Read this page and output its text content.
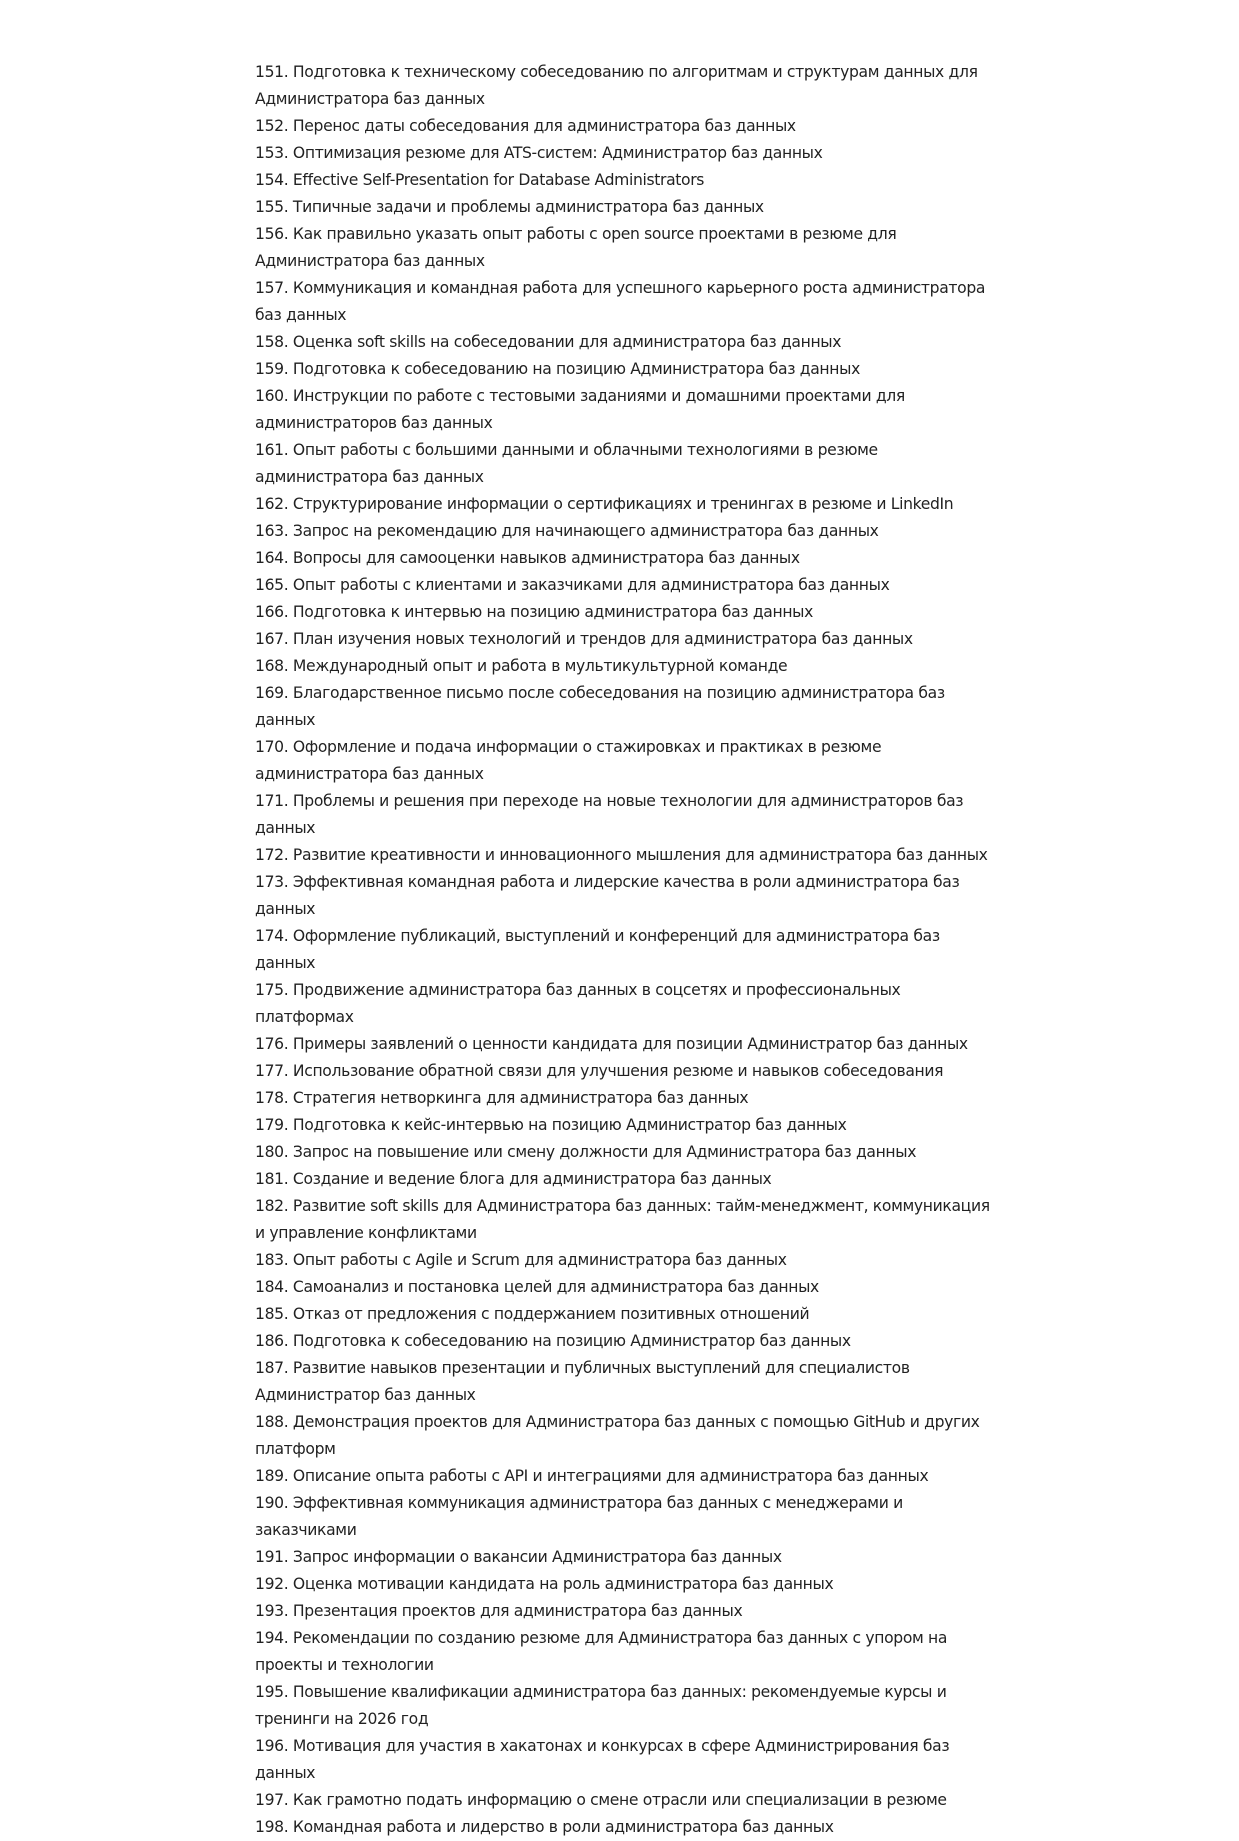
151. Подготовка к техническому собеседованию по алгоритмам и структурам данных для Администратора баз данных
152. Перенос даты собеседования для администратора баз данных
153. Оптимизация резюме для ATS-систем: Администратор баз данных
154. Effective Self-Presentation for Database Administrators
155. Типичные задачи и проблемы администратора баз данных
156. Как правильно указать опыт работы с open source проектами в резюме для Администратора баз данных
157. Коммуникация и командная работа для успешного карьерного роста администратора баз данных
158. Оценка soft skills на собеседовании для администратора баз данных
159. Подготовка к собеседованию на позицию Администратора баз данных
160. Инструкции по работе с тестовыми заданиями и домашними проектами для администраторов баз данных
161. Опыт работы с большими данными и облачными технологиями в резюме администратора баз данных
162. Структурирование информации о сертификациях и тренингах в резюме и LinkedIn
163. Запрос на рекомендацию для начинающего администратора баз данных
164. Вопросы для самооценки навыков администратора баз данных
165. Опыт работы с клиентами и заказчиками для администратора баз данных
166. Подготовка к интервью на позицию администратора баз данных
167. План изучения новых технологий и трендов для администратора баз данных
168. Международный опыт и работа в мультикультурной команде
169. Благодарственное письмо после собеседования на позицию администратора баз данных
170. Оформление и подача информации о стажировках и практиках в резюме администратора баз данных
171. Проблемы и решения при переходе на новые технологии для администраторов баз данных
172. Развитие креативности и инновационного мышления для администратора баз данных
173. Эффективная командная работа и лидерские качества в роли администратора баз данных
174. Оформление публикаций, выступлений и конференций для администратора баз данных
175. Продвижение администратора баз данных в соцсетях и профессиональных платформах
176. Примеры заявлений о ценности кандидата для позиции Администратор баз данных
177. Использование обратной связи для улучшения резюме и навыков собеседования
178. Стратегия нетворкинга для администратора баз данных
179. Подготовка к кейс-интервью на позицию Администратор баз данных
180. Запрос на повышение или смену должности для Администратора баз данных
181. Создание и ведение блога для администратора баз данных
182. Развитие soft skills для Администратора баз данных: тайм-менеджмент, коммуникация и управление конфликтами
183. Опыт работы с Agile и Scrum для администратора баз данных
184. Самоанализ и постановка целей для администратора баз данных
185. Отказ от предложения с поддержанием позитивных отношений
186. Подготовка к собеседованию на позицию Администратор баз данных
187. Развитие навыков презентации и публичных выступлений для специалистов Администратор баз данных
188. Демонстрация проектов для Администратора баз данных с помощью GitHub и других платформ
189. Описание опыта работы с API и интеграциями для администратора баз данных
190. Эффективная коммуникация администратора баз данных с менеджерами и заказчиками
191. Запрос информации о вакансии Администратора баз данных
192. Оценка мотивации кандидата на роль администратора баз данных
193. Презентация проектов для администратора баз данных
194. Рекомендации по созданию резюме для Администратора баз данных с упором на проекты и технологии
195. Повышение квалификации администратора баз данных: рекомендуемые курсы и тренинги на 2026 год
196. Мотивация для участия в хакатонах и конкурсах в сфере Администрирования баз данных
197. Как грамотно подать информацию о смене отрасли или специализации в резюме
198. Командная работа и лидерство в роли администратора баз данных
